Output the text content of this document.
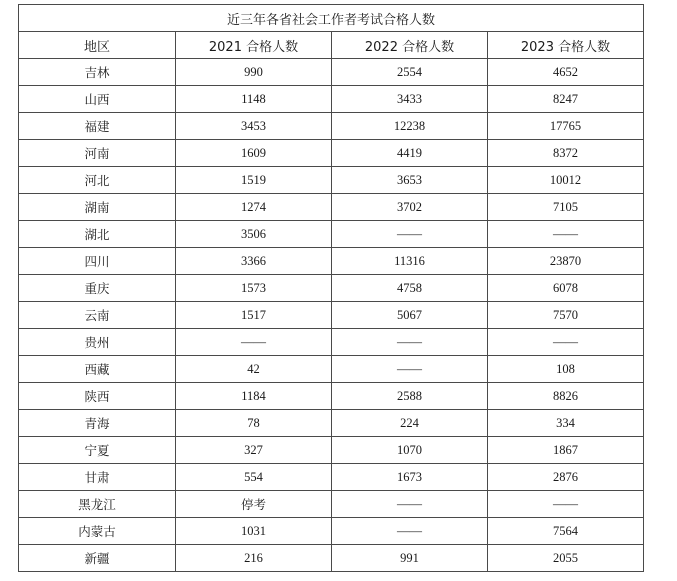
近三年各省社会工作者考试合格人数			
地区	2021 合格人数	2022 合格人数	2023 合格人数
吉林	990	2554	4652
山西	1148	3433	8247
福建	3453	12238	17765
河南	1609	4419	8372
河北	1519	3653	10012
湖南	1274	3702	7105
湖北	3506	——	——
四川	3366	11316	23870
重庆	1573	4758	6078
云南	1517	5067	7570
贵州	——	——	——
西藏	42	——	108
陕西	1184	2588	8826
青海	78	224	334
宁夏	327	1070	1867
甘肃	554	1673	2876
黑龙江	停考	——	——
内蒙古	1031	——	7564
新疆	216	991	2055
